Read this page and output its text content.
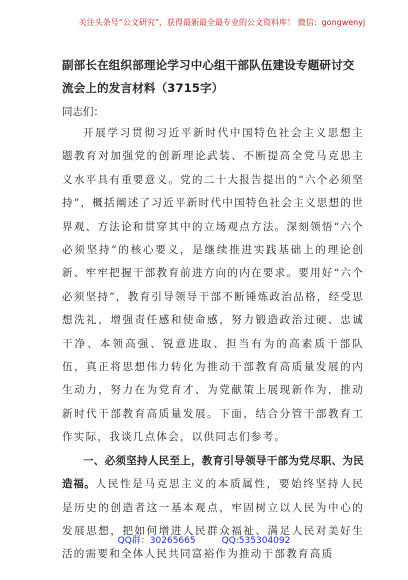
关注头条号“公文研究”，获得最新最全最专业的公文资料库！ 微信：gongwenyj

副部长在组织部理论学习中心组干部队伍建设专题研讨交流会上的发言材料（3715字）

同志们：

开展学习贯彻习近平新时代中国特色社会主义思想主题教育对加强党的创新理论武装、不断提高全党马克思主义水平具有重要意义。党的二十大报告提出的“六个必须坚持”，概括阐述了习近平新时代中国特色社会主义思想的世界观、方法论和贯穿其中的立场观点方法。深刻领悟“六个必须坚持”的核心要义，是继续推进实践基础上的理论创新、牢牢把握干部教育前进方向的内在要求。要用好“六个必须坚持”，教育引导领导干部不断锤炼政治品格，经受思想洗礼，增强责任感和使命感，努力锻造政治过硬、忠诚干净、本领高强、锐意进取、担当有为的高素质干部队伍，真正将思想伟力转化为推动干部教育高质量发展的内生动力，努力在为党育才、为党献策上展现新作为，推动新时代干部教育高质量发展。下面，结合分管干部教育工作实际，我谈几点体会，以供同志们参考。

一、必须坚持人民至上，教育引导领导干部为党尽职、为民造福。人民性是马克思主义的本质属性，要始终坚持人民是历史的创造者这一基本观点，牢固树立以人民为中心的发展思想，把如何增进人民群众福祉、满足人民对美好生活的需要和全体人民共同富裕作为推动干部教育高质

QQ群：30265665	QQ:535304092
